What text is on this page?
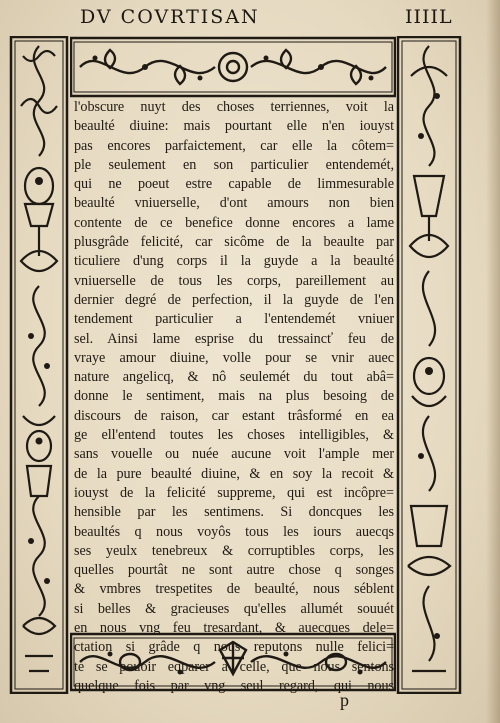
DV COVRTISAN	IIIIL
l'obscure nuyt des choses terriennes, voit la
beaulté diuine: mais pourtant elle n'en iouyst
pas encores parfaictement, car elle la côtem=
ple seulement en son particulier entendemét,
qui ne poeut estre capable de limmesurable
beaulté vniuerselle, d'ont amours non bien
contente de ce benefice donne encores a lame
plusgrâde felicité, car sicôme de la beaulte par
ticuliere d'ung corps il la guyde a la beaulté
vniuerselle de tous les corps, pareillement au
dernier degré de perfection, il la guyde de l'en
tendement particulier a l'entendemét vniuer
sel. Ainsi lame esprise du tressaincť feu de
vraye amour diuine, volle pour se vnir auec
nature angelicq, & nô seulemét du tout abâ=
donne le sentiment, mais na plus besoing de
discours de raison, car estant trâsformé en ea
ge ell'entend toutes les choses intelligibles, &
sans vouelle ou nuée aucune voit l'ample mer
de la pure beaulté diuine, & en soy la recoit &
iouyst de la felicité suppreme, qui est incôpre=
hensible par les sentimens. Si doncques les
beaultés q nous voyôs tous les iours auecqs
ses yeulx tenebreux & corruptibles corps, les
quelles pourtât ne sont autre chose q songes
& vmbres trespetites de beaulté, nous séblent
si belles & gracieuses qu'elles allumét souuét
en nous vng feu tresardant, & auecques dele=
ctation si grâde q nous reputons nulle felici=
te se pouoir eqparer a celle, que nous sentons
quelque fois par vng seul regard, qui nous
p
